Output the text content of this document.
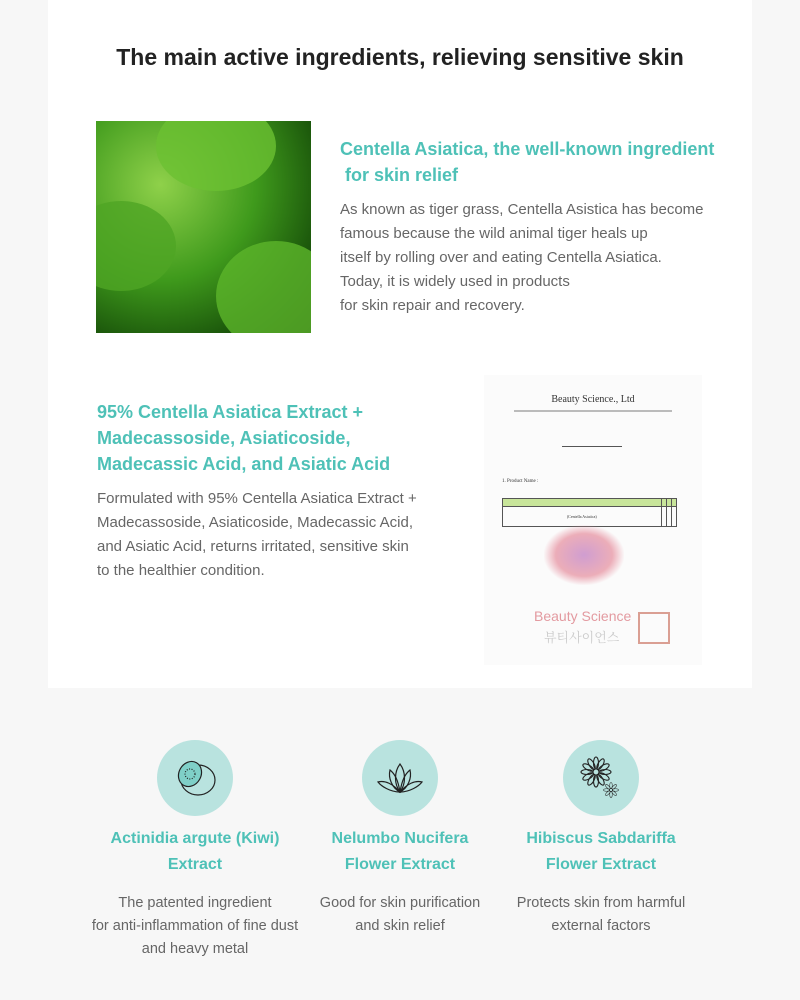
The main active ingredients, relieving sensitive skin
Centella Asiatica, the well-known ingredient
for skin relief
As known as tiger grass, Centella Asistica has become
famous because the wild animal tiger heals up
itself by rolling over and eating Centella Asiatica.
Today, it is widely used in products
for skin repair and recovery.
95% Centella Asiatica Extract +
Madecassoside, Asiaticoside,
Madecassic Acid, and Asiatic Acid
Formulated with 95% Centella Asiatica Extract +
Madecassoside, Asiaticoside, Madecassic Acid,
and Asiatic Acid, returns irritated, sensitive skin
to the healthier condition.
Beauty Science., Ltd
1. Product Name :

(Centella Asiatica)			
Beauty Science
뷰티사이언스
Actinidia argute (Kiwi)
Extract
The patented ingredient
for anti-inflammation of fine dust
and heavy metal
Nelumbo Nucifera
Flower Extract
Good for skin purification
and skin relief
Hibiscus Sabdariffa
Flower Extract
Protects skin from harmful
external factors
